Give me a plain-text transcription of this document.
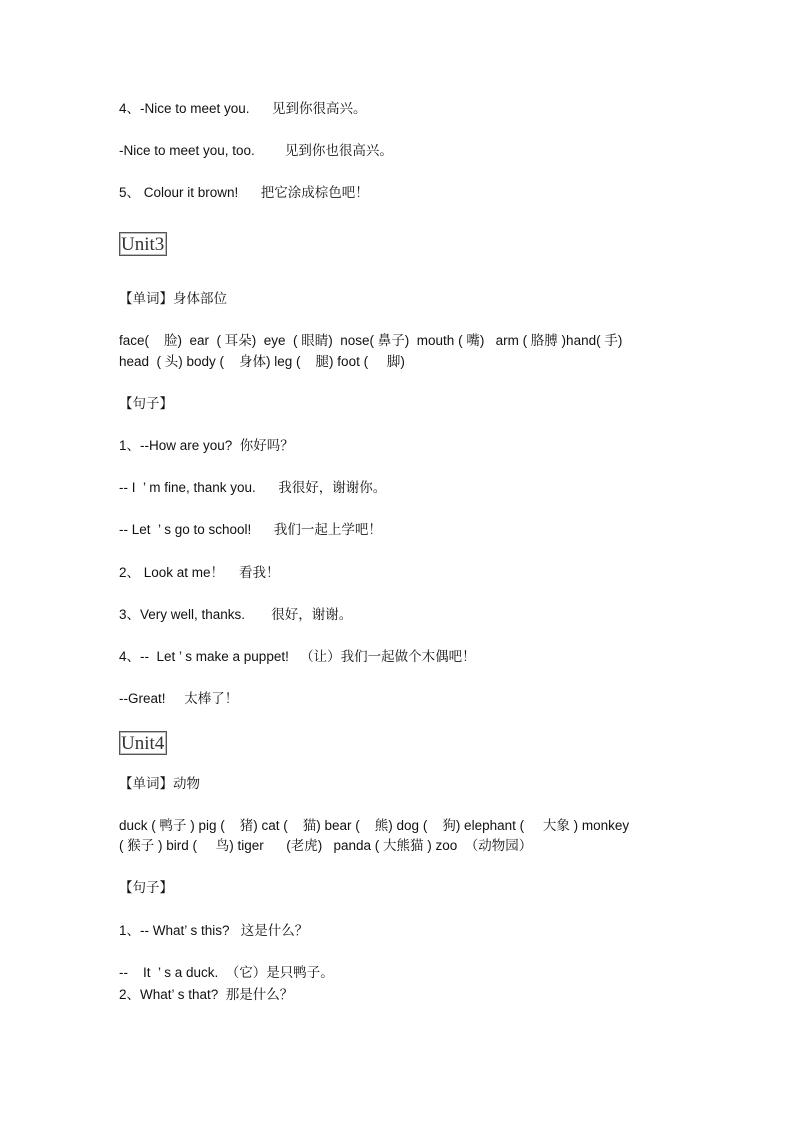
4、-Nice to meet you.      见到你很高兴。
-Nice to meet you, too.        见到你也很高兴。
5、 Colour it brown!      把它涂成棕色吧！
Unit3
【单词】身体部位
face(    脸)  ear  ( 耳朵)  eye  ( 眼睛)  nose( 鼻子)  mouth ( 嘴)   arm ( 胳膊 )hand( 手)
head  ( 头) body (    身体) leg (    腿) foot (     脚)
【句子】
1、--How are you?  你好吗？
-- I  ’ m fine, thank you.      我很好，谢谢你。
-- Let  ’ s go to school!      我们一起上学吧！
2、 Look at me！    看我！
3、Very well, thanks.       很好，谢谢。
4、--  Let ’ s make a puppet!   （让）我们一起做个木偶吧！
--Great!     太棒了！
Unit4
【单词】动物
duck ( 鸭子 ) pig (    猪) cat (    猫) bear (    熊) dog (    狗) elephant (     大象 ) monkey
( 猴子 ) bird (     鸟) tiger      (老虎)   panda ( 大熊猫 ) zoo  （动物园）
【句子】
1、-- What’ s this?   这是什么？
--    It  ’ s a duck.  （它）是只鸭子。
2、What’ s that?  那是什么？
